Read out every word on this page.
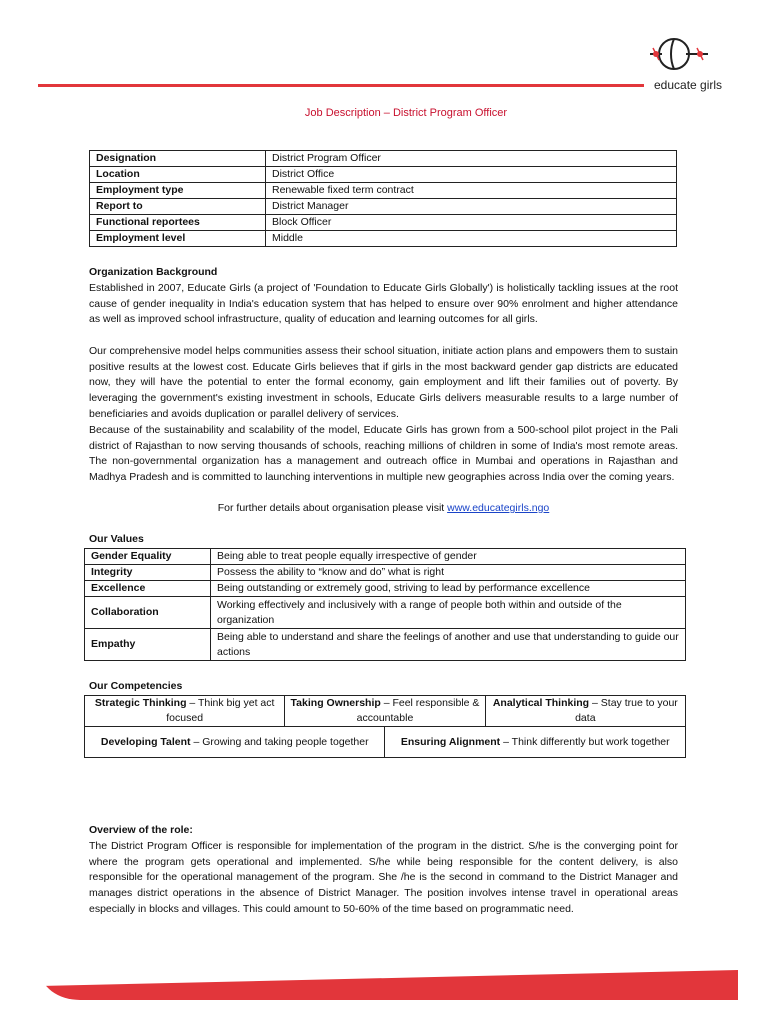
educate girls
Job Description – District Program Officer
Designation	District Program Officer
Location	District Office
Employment type	Renewable fixed term contract
Report to	District Manager
Functional reportees	Block Officer
Employment level	Middle
Organization Background
Established in 2007, Educate Girls (a project of 'Foundation to Educate Girls Globally') is holistically tackling issues at the root cause of gender inequality in India's education system that has helped to ensure over 90% enrolment and higher attendance as well as improved school infrastructure, quality of education and learning outcomes for all girls.
Our comprehensive model helps communities assess their school situation, initiate action plans and empowers them to sustain positive results at the lowest cost. Educate Girls believes that if girls in the most backward gender gap districts are educated now, they will have the potential to enter the formal economy, gain employment and lift their families out of poverty. By leveraging the government's existing investment in schools, Educate Girls delivers measurable results to a large number of beneficiaries and avoids duplication or parallel delivery of services.
Because of the sustainability and scalability of the model, Educate Girls has grown from a 500-school pilot project in the Pali district of Rajasthan to now serving thousands of schools, reaching millions of children in some of India's most remote areas. The non-governmental organization has a management and outreach office in Mumbai and operations in Rajasthan and Madhya Pradesh and is committed to launching interventions in multiple new geographies across India over the coming years.
For further details about organisation please visit www.educategirls.ngo
Our Values
Gender Equality	Being able to treat people equally irrespective of gender
Integrity	Possess the ability to “know and do” what is right
Excellence	Being outstanding or extremely good, striving to lead by performance excellence
Collaboration	Working effectively and inclusively with a range of people both within and outside of the organization
Empathy	Being able to understand and share the feelings of another and use that understanding to guide our actions
Our Competencies
Strategic Thinking – Think big yet act focused	Taking Ownership – Feel responsible & accountable		Analytical Thinking – Stay true to your data
Developing Talent – Growing and taking people together		Ensuring Alignment – Think differently but work together	
Overview of the role:
The District Program Officer is responsible for implementation of the program in the district. S/he is the converging point for where the program gets operational and implemented. S/he while being responsible for the content delivery, is also responsible for the operational management of the program. She /he is the second in command to the District Manager and manages district operations in the absence of District Manager. The position involves intense travel in operational areas especially in blocks and villages. This could amount to 50-60% of the time based on programmatic need.
